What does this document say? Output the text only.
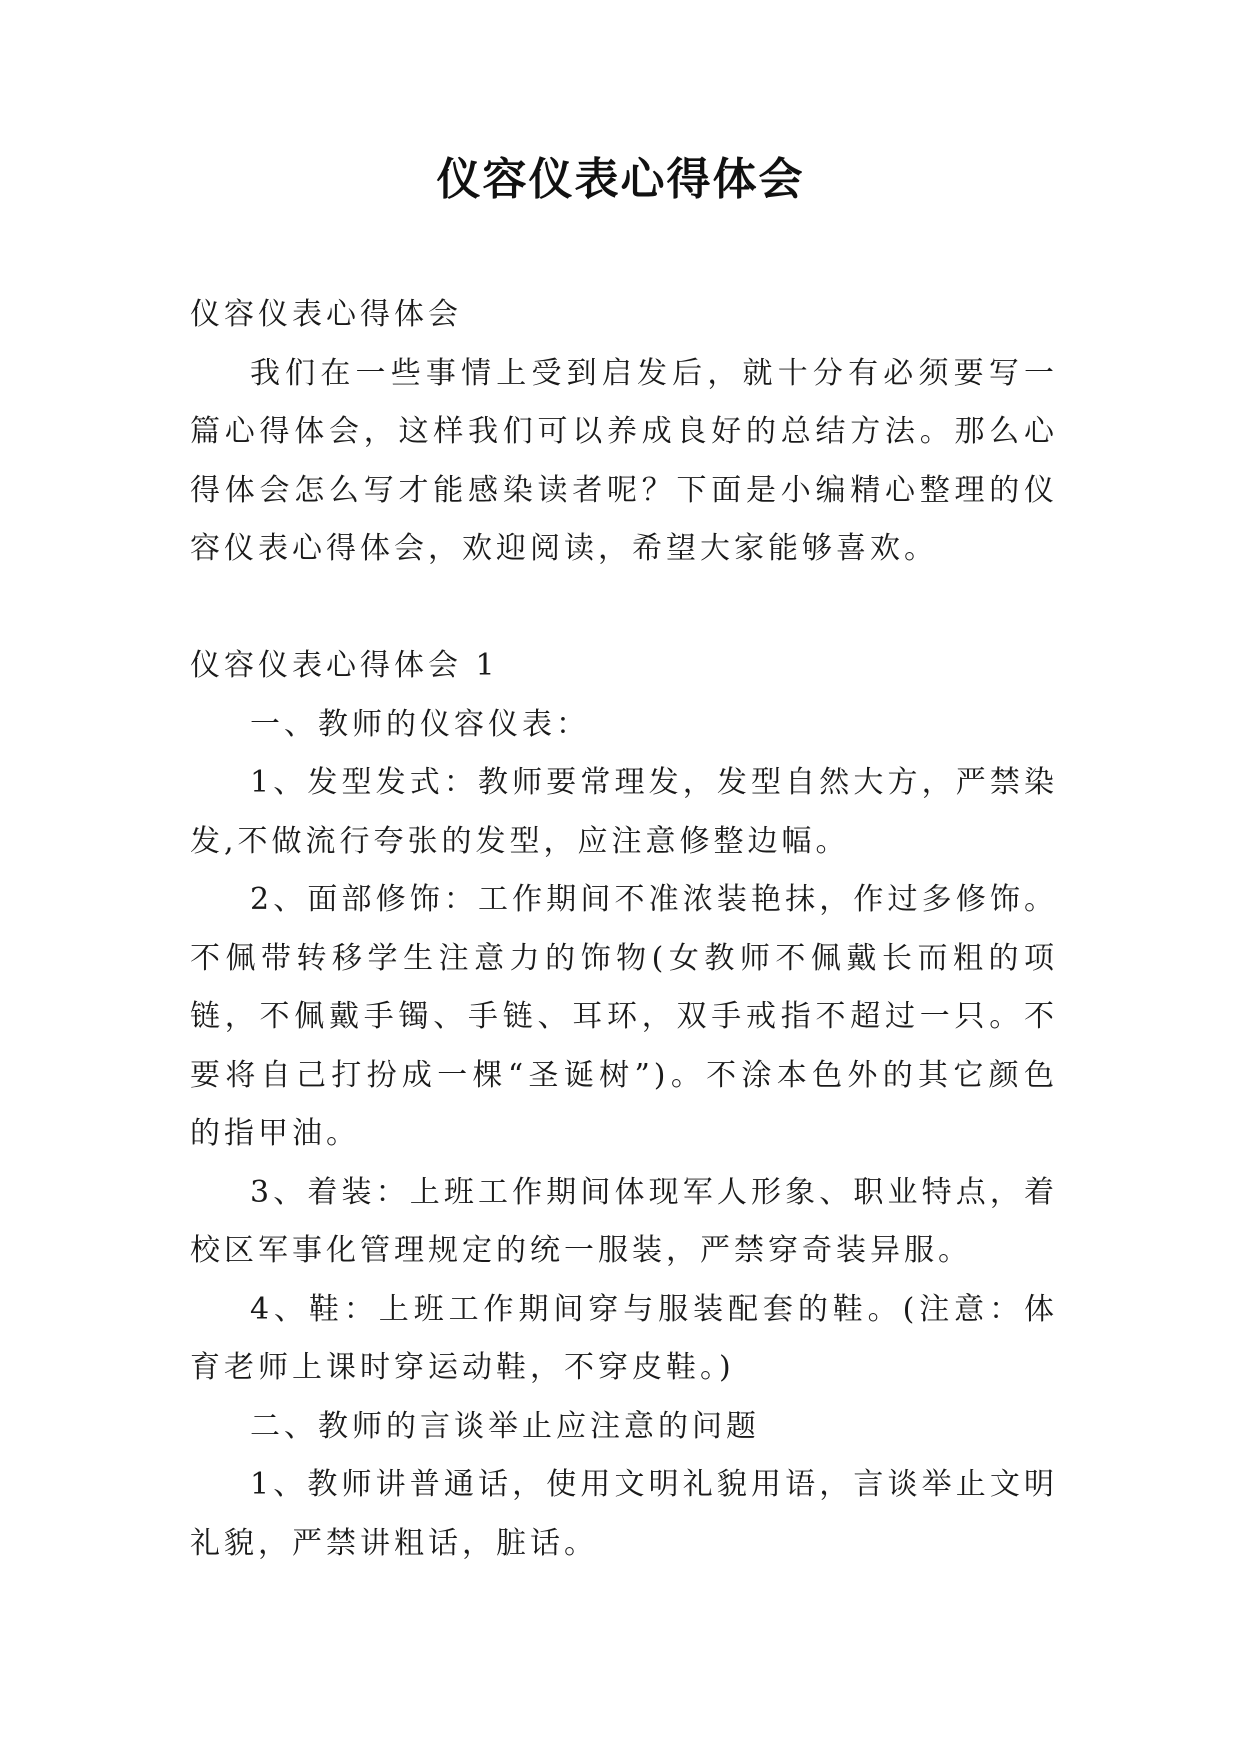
仪容仪表心得体会

仪容仪表心得体会

我们在一些事情上受到启发后，就十分有必须要写一篇心得体会，这样我们可以养成良好的总结方法。那么心得体会怎么写才能感染读者呢？下面是小编精心整理的仪容仪表心得体会，欢迎阅读，希望大家能够喜欢。

仪容仪表心得体会 1

一、教师的仪容仪表：

1、发型发式：教师要常理发，发型自然大方，严禁染发,不做流行夸张的发型，应注意修整边幅。

2、面部修饰：工作期间不准浓装艳抹，作过多修饰。不佩带转移学生注意力的饰物(女教师不佩戴长而粗的项链，不佩戴手镯、手链、耳环，双手戒指不超过一只。不要将自己打扮成一棵“圣诞树”)。不涂本色外的其它颜色的指甲油。

3、着装：上班工作期间体现军人形象、职业特点，着校区军事化管理规定的统一服装，严禁穿奇装异服。

4、鞋：上班工作期间穿与服装配套的鞋。(注意：体育老师上课时穿运动鞋，不穿皮鞋。)

二、教师的言谈举止应注意的问题

1、教师讲普通话，使用文明礼貌用语，言谈举止文明礼貌，严禁讲粗话，脏话。
